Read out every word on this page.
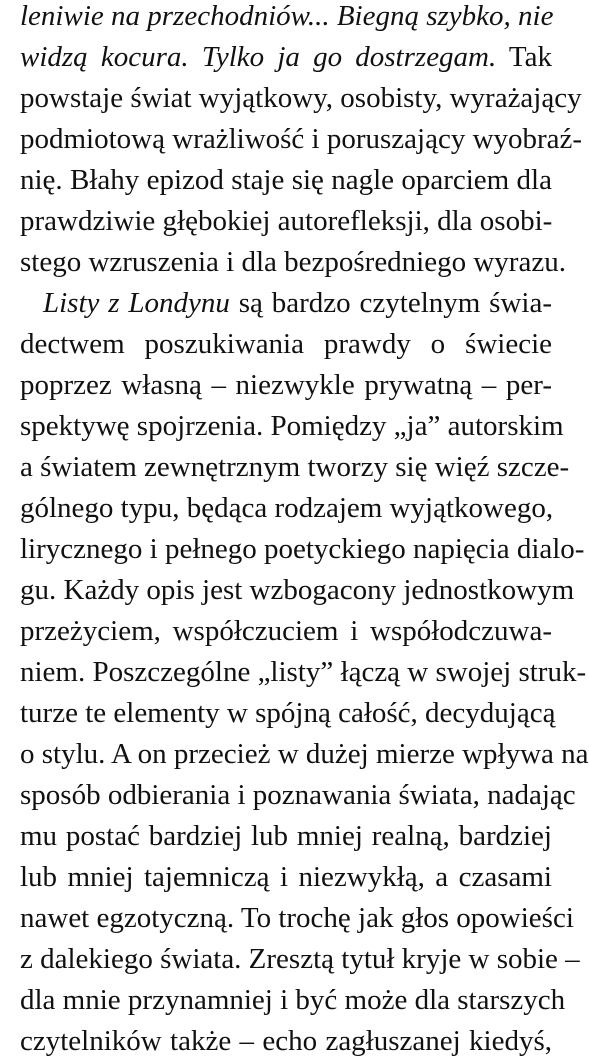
leniwie na przechodniów... Biegną szybko, nie
widzą kocura. Tylko ja go dostrzegam. Tak
powstaje świat wyjątkowy, osobisty, wyrażający
podmiotową wrażliwość i poruszający wyobraź-
nię. Błahy epizod staje się nagle oparciem dla
prawdziwie głębokiej autorefleksji, dla osobi-
stego wzruszenia i dla bezpośredniego wyrazu.
Listy z Londynu są bardzo czytelnym świa-
dectwem poszukiwania prawdy o świecie
poprzez własną – niezwykle prywatną – per-
spektywę spojrzenia. Pomiędzy „ja” autorskim
a światem zewnętrznym tworzy się więź szcze-
gólnego typu, będąca rodzajem wyjątkowego,
lirycznego i pełnego poetyckiego napięcia dialo-
gu. Każdy opis jest wzbogacony jednostkowym
przeżyciem, współczuciem i współodczuwa-
niem. Poszczególne „listy” łączą w swojej struk-
turze te elementy w spójną całość, decydującą
o stylu. A on przecież w dużej mierze wpływa na
sposób odbierania i poznawania świata, nadając
mu postać bardziej lub mniej realną, bardziej
lub mniej tajemniczą i niezwykłą, a czasami
nawet egzotyczną. To trochę jak głos opowieści
z dalekiego świata. Zresztą tytuł kryje w sobie –
dla mnie przynamniej i być może dla starszych
czytelników także – echo zagłuszanej kiedyś,
